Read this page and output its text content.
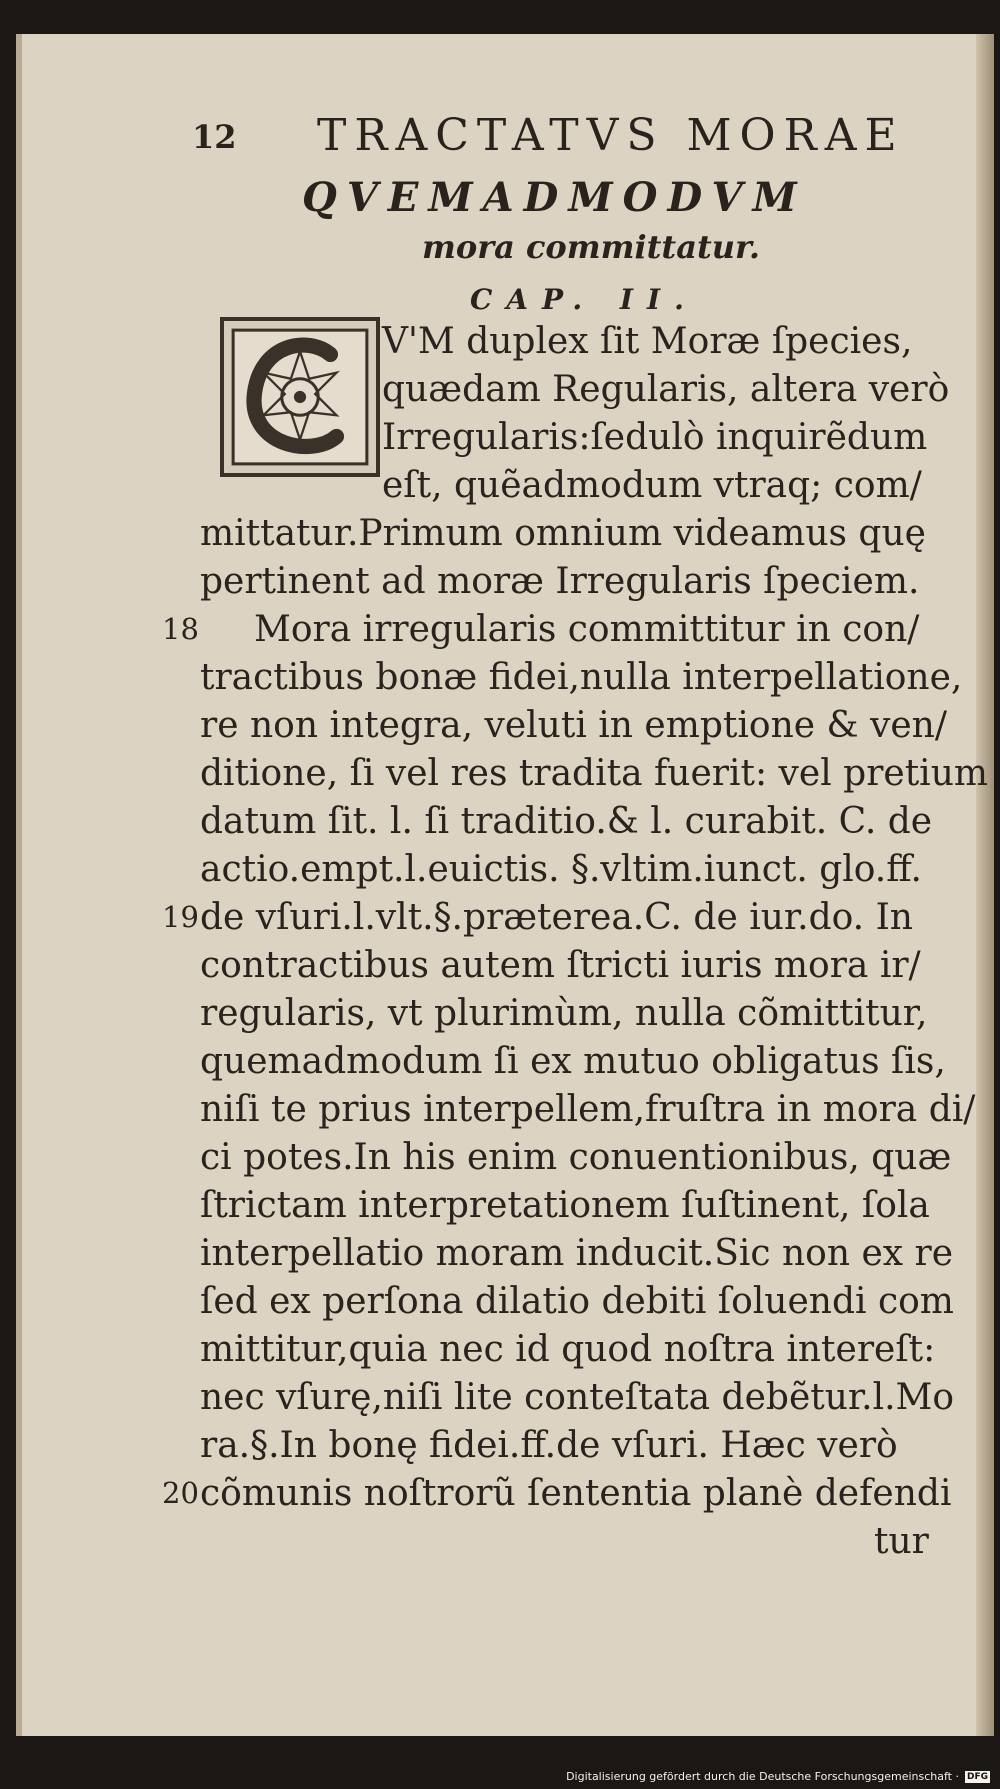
12 TRACTATVS MORAE
QVEMADMODVM
mora committatur.
CAP. II.
V'M duplex ſit Moræ ſpecies,
quædam Regularis, altera verò
Irregularis:ſedulò inquirẽdum
eſt, quẽadmodum vtraq; com/
mittatur.Primum omnium videamus quę
pertinent ad moræ Irregularis ſpeciem.
Mora irregularis committitur in con/
tractibus bonæ fidei,nulla interpellatione,
re non integra, veluti in emptione & ven/
ditione, ſi vel res tradita fuerit: vel pretium
datum ſit. l. ſi traditio.& l. curabit. C. de
actio.empt.l.euictis. §.vltim.iunct. glo.ff.
de vſuri.l.vlt.§.præterea.C. de iur.do. In
contractibus autem ſtricti iuris mora ir/
regularis, vt plurimùm, nulla cõmittitur,
quemadmodum ſi ex mutuo obligatus ſis,
niſi te prius interpellem,fruſtra in mora di/
ci potes.In his enim conuentionibus, quæ
ſtrictam interpretationem ſuſtinent, ſola
interpellatio moram inducit.Sic non ex re
ſed ex perſona dilatio debiti ſoluendi com
mittitur,quia nec id quod noſtra intereſt:
nec vſurę,niſi lite conteſtata debẽtur.l.Mo
ra.§.In bonę fidei.ff.de vſuri. Hæc verò
cõmunis noſtrorũ ſententia planè defendi
tur
18
19
20
Digitalisierung gefördert durch die Deutsche Forschungsgemeinschaft · DFG
